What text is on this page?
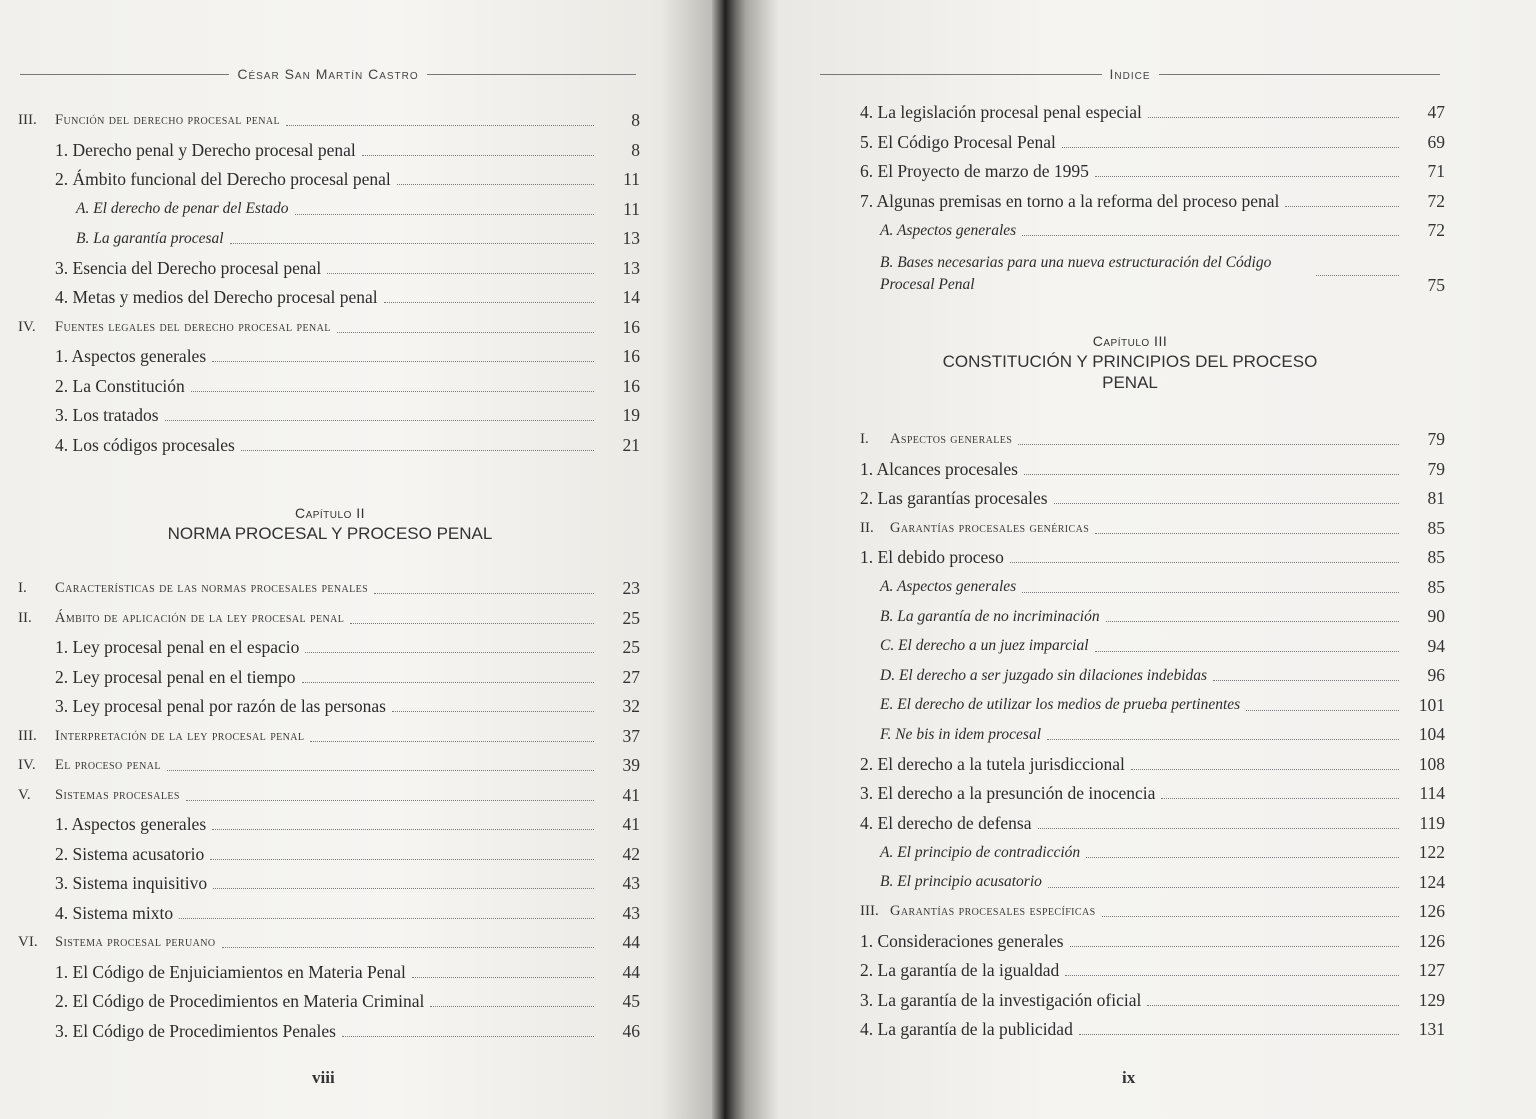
César San Martín Castro	Indice
III.	Función del derecho procesal penal	8
1. Derecho penal y Derecho procesal penal	8
2. Ámbito funcional del Derecho procesal penal	11
A. El derecho de penar del Estado	11
B. La garantía procesal	13
3. Esencia del Derecho procesal penal	13
4. Metas y medios del Derecho procesal penal	14
IV.	Fuentes legales del derecho procesal penal	16
1. Aspectos generales	16
2. La Constitución	16
3. Los tratados	19
4. Los códigos procesales	21
Capítulo II
NORMA PROCESAL Y PROCESO PENAL
I.	Características de las normas procesales penales	23
II.	Ámbito de aplicación de la ley procesal penal	25
1. Ley procesal penal en el espacio	25
2. Ley procesal penal en el tiempo	27
3. Ley procesal penal por razón de las personas	32
III.	Interpretación de la ley procesal penal	37
IV.	El proceso penal	39
V.	Sistemas procesales	41
1. Aspectos generales	41
2. Sistema acusatorio	42
3. Sistema inquisitivo	43
4. Sistema mixto	43
VI.	Sistema procesal peruano	44
1. El Código de Enjuiciamientos en Materia Penal	44
2. El Código de Procedimientos en Materia Criminal	45
3. El Código de Procedimientos Penales	46
4. La legislación procesal penal especial	47
5. El Código Procesal Penal	69
6. El Proyecto de marzo de 1995	71
7. Algunas premisas en torno a la reforma del proceso penal	72
A. Aspectos generales	72
B. Bases necesarias para una nueva estructuración del Código Procesal Penal	75
Capítulo III
CONSTITUCIÓN Y PRINCIPIOS DEL PROCESO PENAL
I.	Aspectos generales	79
1. Alcances procesales	79
2. Las garantías procesales	81
II.	Garantías procesales genéricas	85
1. El debido proceso	85
A. Aspectos generales	85
B. La garantía de no incriminación	90
C. El derecho a un juez imparcial	94
D. El derecho a ser juzgado sin dilaciones indebidas	96
E. El derecho de utilizar los medios de prueba pertinentes	101
F. Ne bis in idem procesal	104
2. El derecho a la tutela jurisdiccional	108
3. El derecho a la presunción de inocencia	114
4. El derecho de defensa	119
A. El principio de contradicción	122
B. El principio acusatorio	124
III. Garantías procesales específicas	126
1. Consideraciones generales	126
2. La garantía de la igualdad	127
3. La garantía de la investigación oficial	129
4. La garantía de la publicidad	131
viii	ix
